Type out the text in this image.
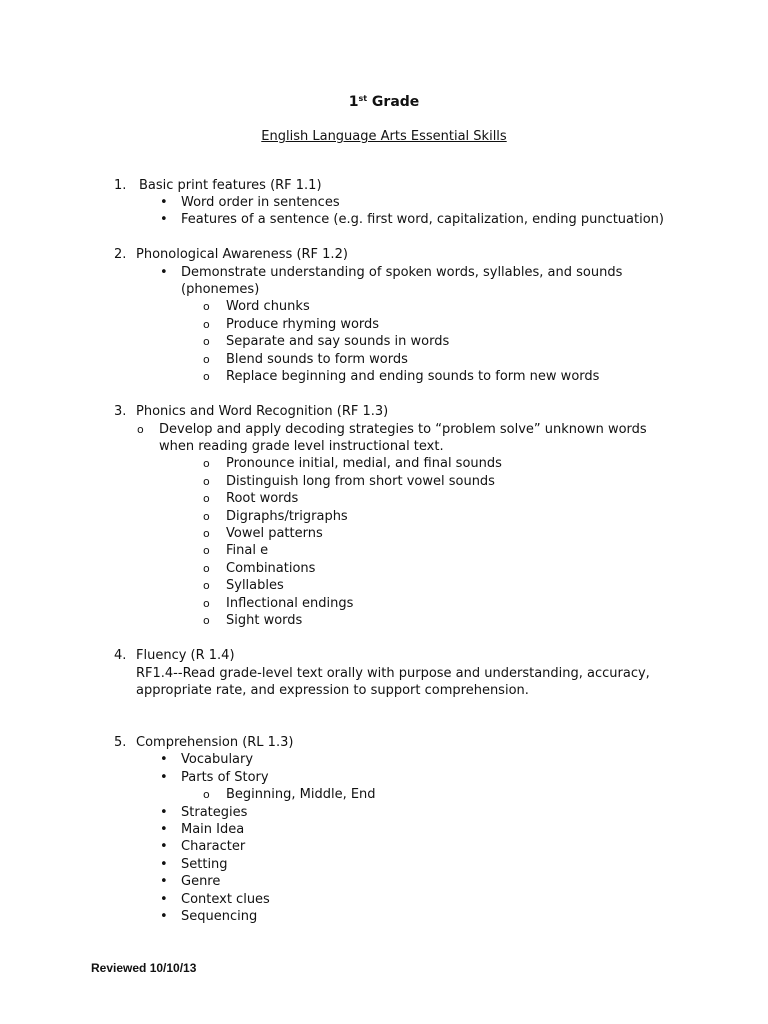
1st Grade
English Language Arts Essential Skills
1. Basic print features (RF 1.1)
• Word order in sentences
• Features of a sentence (e.g. first word, capitalization, ending punctuation)
2. Phonological Awareness (RF 1.2)
• Demonstrate understanding of spoken words, syllables, and sounds
(phonemes)
o Word chunks
o Produce rhyming words
o Separate and say sounds in words
o Blend sounds to form words
o Replace beginning and ending sounds to form new words
3. Phonics and Word Recognition (RF 1.3)
o Develop and apply decoding strategies to “problem solve” unknown words
when reading grade level instructional text.
o Pronounce initial, medial, and final sounds
o Distinguish long from short vowel sounds
o Root words
o Digraphs/trigraphs
o Vowel patterns
o Final e
o Combinations
o Syllables
o Inflectional endings
o Sight words
4. Fluency (R 1.4)
RF1.4--Read grade-level text orally with purpose and understanding, accuracy,
appropriate rate, and expression to support comprehension.
5. Comprehension (RL 1.3)
• Vocabulary
• Parts of Story
o Beginning, Middle, End
• Strategies
• Main Idea
• Character
• Setting
• Genre
• Context clues
• Sequencing
Reviewed 10/10/13
